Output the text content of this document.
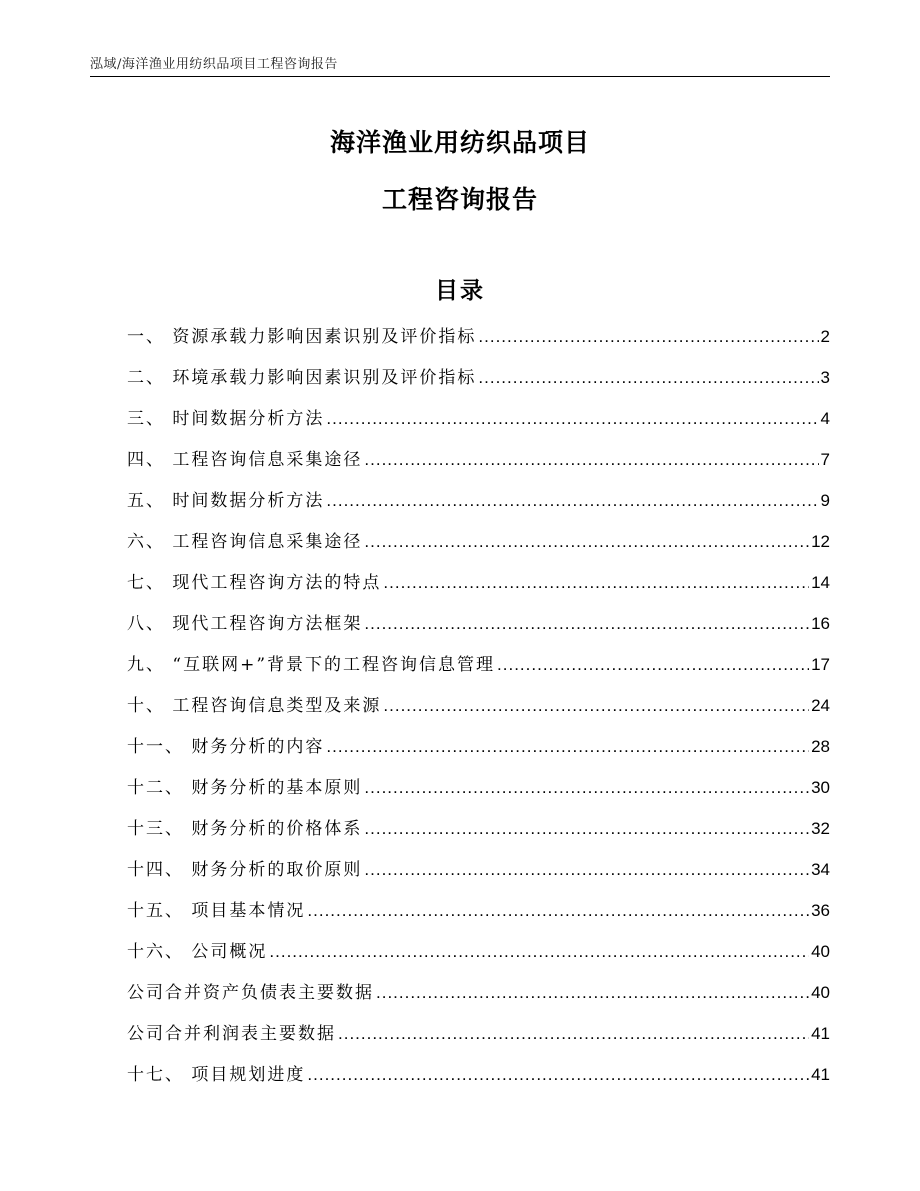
泓域/海洋渔业用纺织品项目工程咨询报告
海洋渔业用纺织品项目
工程咨询报告
目录
一、 资源承载力影响因素识别及评价指标 .....	2
二、 环境承载力影响因素识别及评价指标 .....	3
三、 时间数据分析方法 .....	4
四、 工程咨询信息采集途径 .....	7
五、 时间数据分析方法 .....	9
六、 工程咨询信息采集途径 .....	12
七、 现代工程咨询方法的特点 .....	14
八、 现代工程咨询方法框架 .....	16
九、 “互联网+”背景下的工程咨询信息管理 .....	17
十、 工程咨询信息类型及来源 .....	24
十一、 财务分析的内容 .....	28
十二、 财务分析的基本原则 .....	30
十三、 财务分析的价格体系 .....	32
十四、 财务分析的取价原则 .....	34
十五、 项目基本情况 .....	36
十六、 公司概况 .....	40
公司合并资产负债表主要数据 .....	40
公司合并利润表主要数据 .....	41
十七、 项目规划进度 .....	41
